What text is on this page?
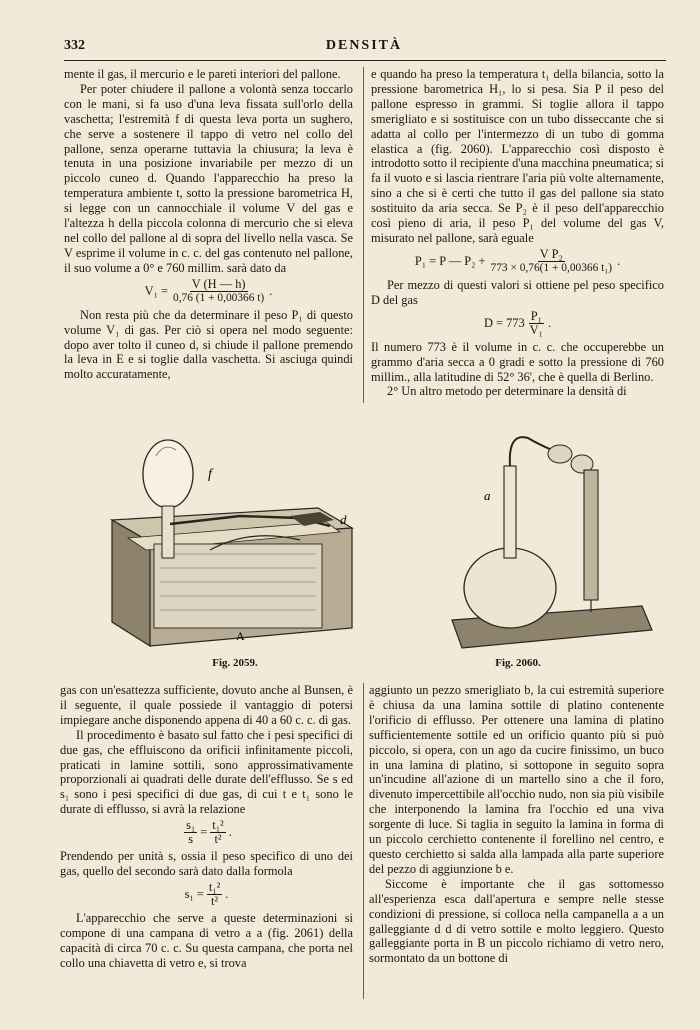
332	DENSITÀ

mente il gas, il mercurio e le pareti interiori del pallone.

Per poter chiudere il pallone a volontà senza toccarlo con le mani, si fa uso d'una leva fissata sull'orlo della vaschetta; l'estremità f di questa leva porta un sughero, che serve a sostenere il tappo di vetro nel collo del pallone, senza operarne tuttavia la chiusura; la leva è tenuta in una posizione invariabile per mezzo di un piccolo cuneo d. Quando l'apparecchio ha preso la temperatura ambiente t, sotto la pressione barometrica H, si legge con un cannocchiale il volume V del gas e l'altezza h della piccola colonna di mercurio che si eleva nel collo del pallone al di sopra del livello nella vasca. Se V esprime il volume in c. c. del gas contenuto nel pallone, il suo volume a 0° e 760 millim. sarà dato da

$V_1 = \frac{V (H — h)}{0,76 (1 + 0,00366 t)}$ .

Non resta più che da determinare il peso P₁ di questo volume V₁ di gas. Per ciò si opera nel modo seguente: dopo aver tolto il cuneo d, si chiude il pallone premendo la leva in E e si toglie dalla vaschetta. Si asciuga quindi molto accuratamente,

e quando ha preso la temperatura t₁ della bilancia, sotto la pressione barometrica H₁, lo si pesa. Sia P il peso del pallone espresso in grammi. Si toglie allora il tappo smerigliato e si sostituisce con un tubo disseccante che si adatta al collo per l'intermezzo di un tubo di gomma elastica a (fig. 2060). L'apparecchio così disposto è introdotto sotto il recipiente d'una macchina pneumatica; si fa il vuoto e si lascia rientrare l'aria più volte alternamente, sino a che si è certi che tutto il gas del pallone sia stato sostituito da aria secca. Se P₂ è il peso dell'apparecchio così pieno di aria, il peso P₁ del volume del gas V, misurato nel pallone, sarà eguale

P₁ = P — $P_2 + \frac{\text{V P₂}}{\text{773 × 0,76(1 + 0,00366 t₁)}}$ .

Per mezzo di questi valori si ottiene pel peso specifico D del gas

$D = 773 \frac{\text{P₁}}{\text{V₁}}$ .

Il numero 773 è il volume in c. c. che occuperebbe un grammo d'aria secca a 0 gradi e sotto la pressione di 760 millim., alla latitudine di 52° 36', che è quella di Berlino.

2° Un altro metodo per determinare la densità di

f
d
A
Fig. 2059.
a
Fig. 2060.

gas con un'esattezza sufficiente, dovuto anche al Bunsen, è il seguente, il quale possiede il vantaggio di potersi impiegare anche disponendo appena di 40 a 60 c. c. di gas.

Il procedimento è basato sul fatto che i pesi specifici di due gas, che effluiscono da orificii infinitamente piccoli, praticati in lamine sottili, sono approssimativamente proporzionali ai quadrati delle durate dell'efflusso. Se s ed s₁ sono i pesi specifici di due gas, di cui t e t₁ sono le durate di efflusso, si avrà la relazione

$\frac{\text{s₁}}{s} = \frac{\text{t₁²}}{\text{t²}}$ .

Prendendo per unità s, ossia il peso specifico di uno dei gas, quello del secondo sarà dato dalla formola

$s_1 = \frac{\text{t₁²}}{\text{t²}}$ .

L'apparecchio che serve a queste determinazioni si compone di una campana di vetro a a (fig. 2061) della capacità di circa 70 c. c. Su questa campana, che porta nel collo una chiavetta di vetro e, si trova

aggiunto un pezzo smerigliato b, la cui estremità superiore è chiusa da una lamina sottile di platino contenente l'orificio di efflusso. Per ottenere una lamina di platino sufficientemente sottile ed un orificio quanto più si può piccolo, si opera, con un ago da cucire finissimo, un buco in una lamina di platino, si sottopone in seguito sopra un'incudine all'azione di un martello sino a che il foro, divenuto impercettibile all'occhio nudo, non sia più visibile che interponendo la lamina fra l'occhio ed una viva sorgente di luce. Si taglia in seguito la lamina in forma di un piccolo cerchietto contenente il forellino nel centro, e questo cerchietto si salda alla lampada alla parte superiore del pezzo di aggiunzione b e.

Siccome è importante che il gas sottomesso all'esperienza esca dall'apertura e sempre nelle stesse condizioni di pressione, si colloca nella campanella a a un galleggiante d d di vetro sottile e molto leggiero. Questo galleggiante porta in B un piccolo richiamo di vetro nero, sormontato da un bottone di
